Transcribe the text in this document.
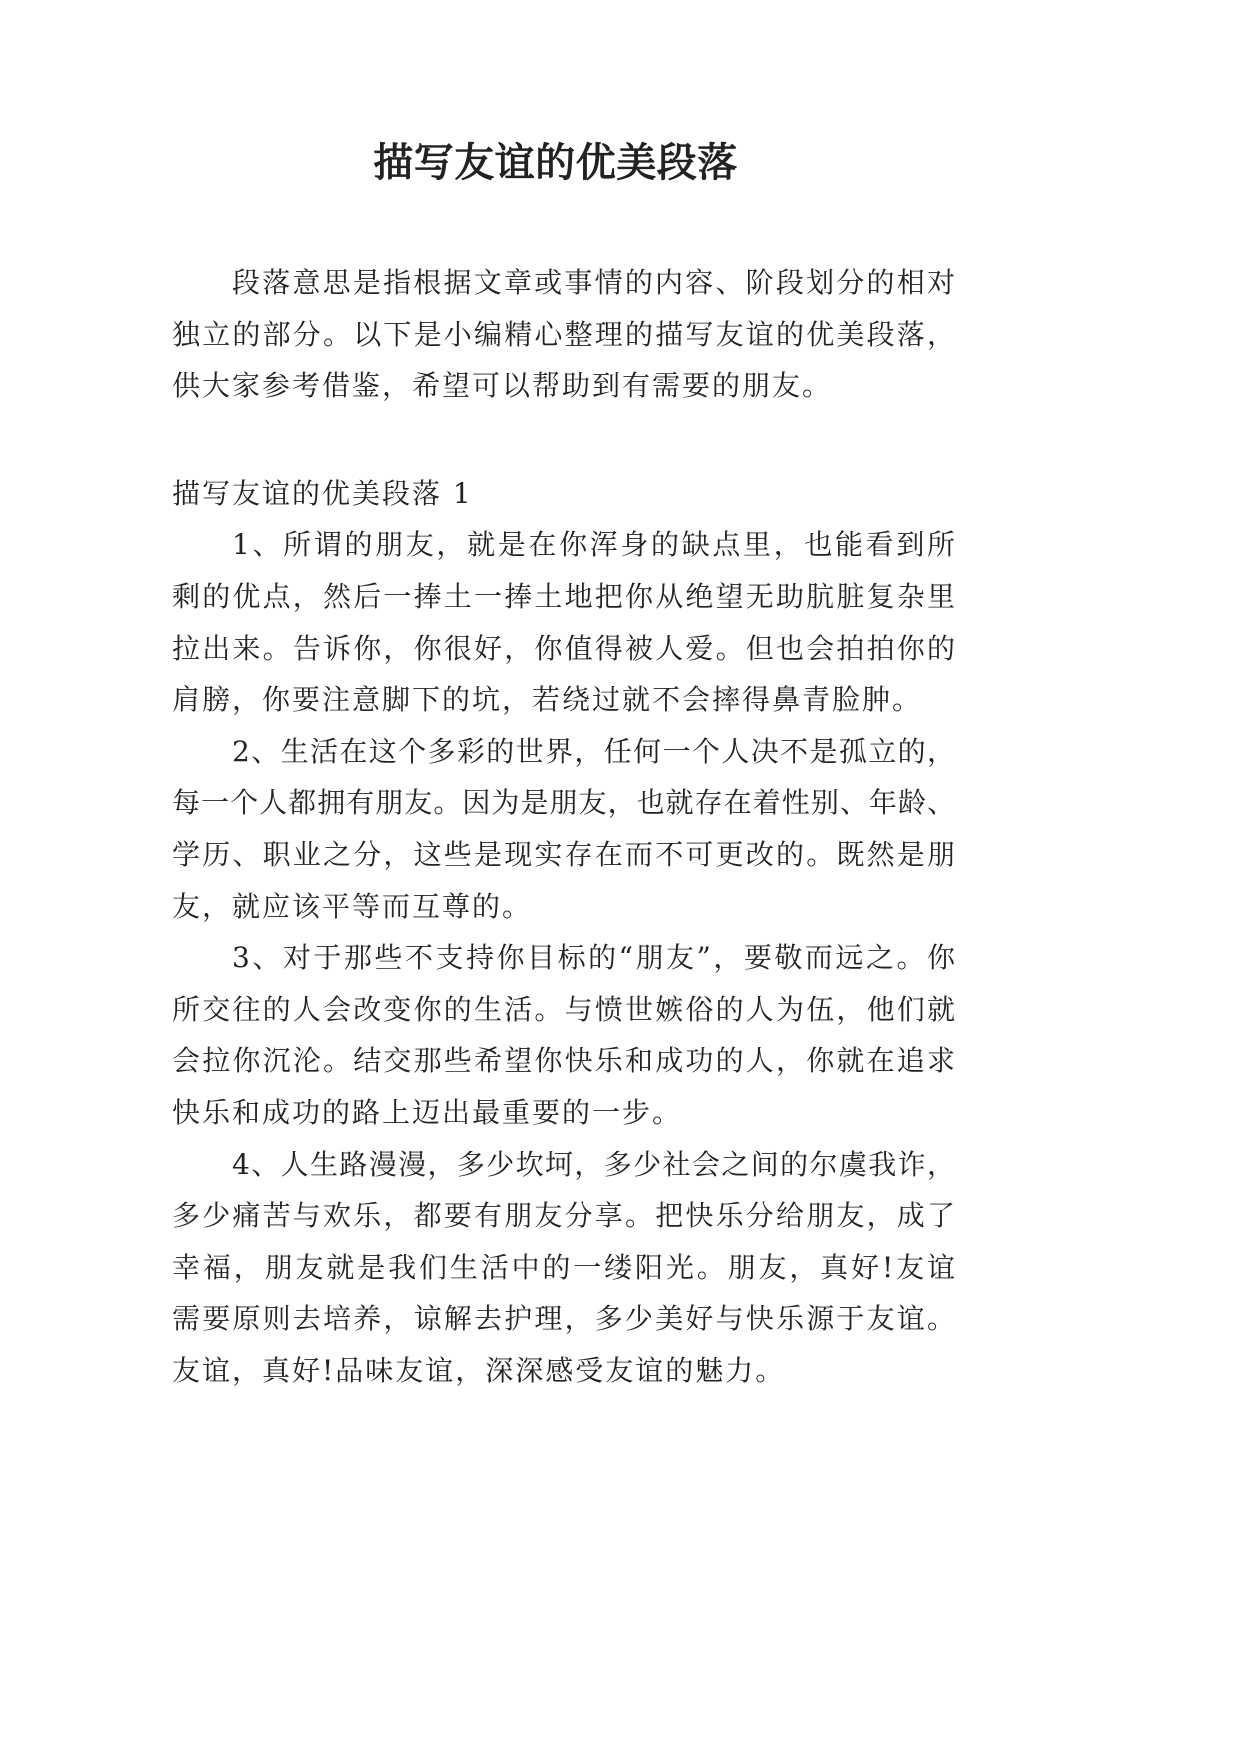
描写友谊的优美段落
段落意思是指根据文章或事情的内容、阶段划分的相对
独立的部分。以下是小编精心整理的描写友谊的优美段落，
供大家参考借鉴，希望可以帮助到有需要的朋友。
描写友谊的优美段落 1
1、所谓的朋友，就是在你浑身的缺点里，也能看到所
剩的优点，然后一捧土一捧土地把你从绝望无助肮脏复杂里
拉出来。告诉你，你很好，你值得被人爱。但也会拍拍你的
肩膀，你要注意脚下的坑，若绕过就不会摔得鼻青脸肿。
2、生活在这个多彩的世界，任何一个人决不是孤立的，
每一个人都拥有朋友。因为是朋友，也就存在着性别、年龄、
学历、职业之分，这些是现实存在而不可更改的。既然是朋
友，就应该平等而互尊的。
3、对于那些不支持你目标的“朋友”，要敬而远之。你
所交往的人会改变你的生活。与愤世嫉俗的人为伍，他们就
会拉你沉沦。结交那些希望你快乐和成功的人，你就在追求
快乐和成功的路上迈出最重要的一步。
4、人生路漫漫，多少坎坷，多少社会之间的尔虞我诈，
多少痛苦与欢乐，都要有朋友分享。把快乐分给朋友，成了
幸福，朋友就是我们生活中的一缕阳光。朋友，真好!友谊
需要原则去培养，谅解去护理，多少美好与快乐源于友谊。
友谊，真好!品味友谊，深深感受友谊的魅力。
